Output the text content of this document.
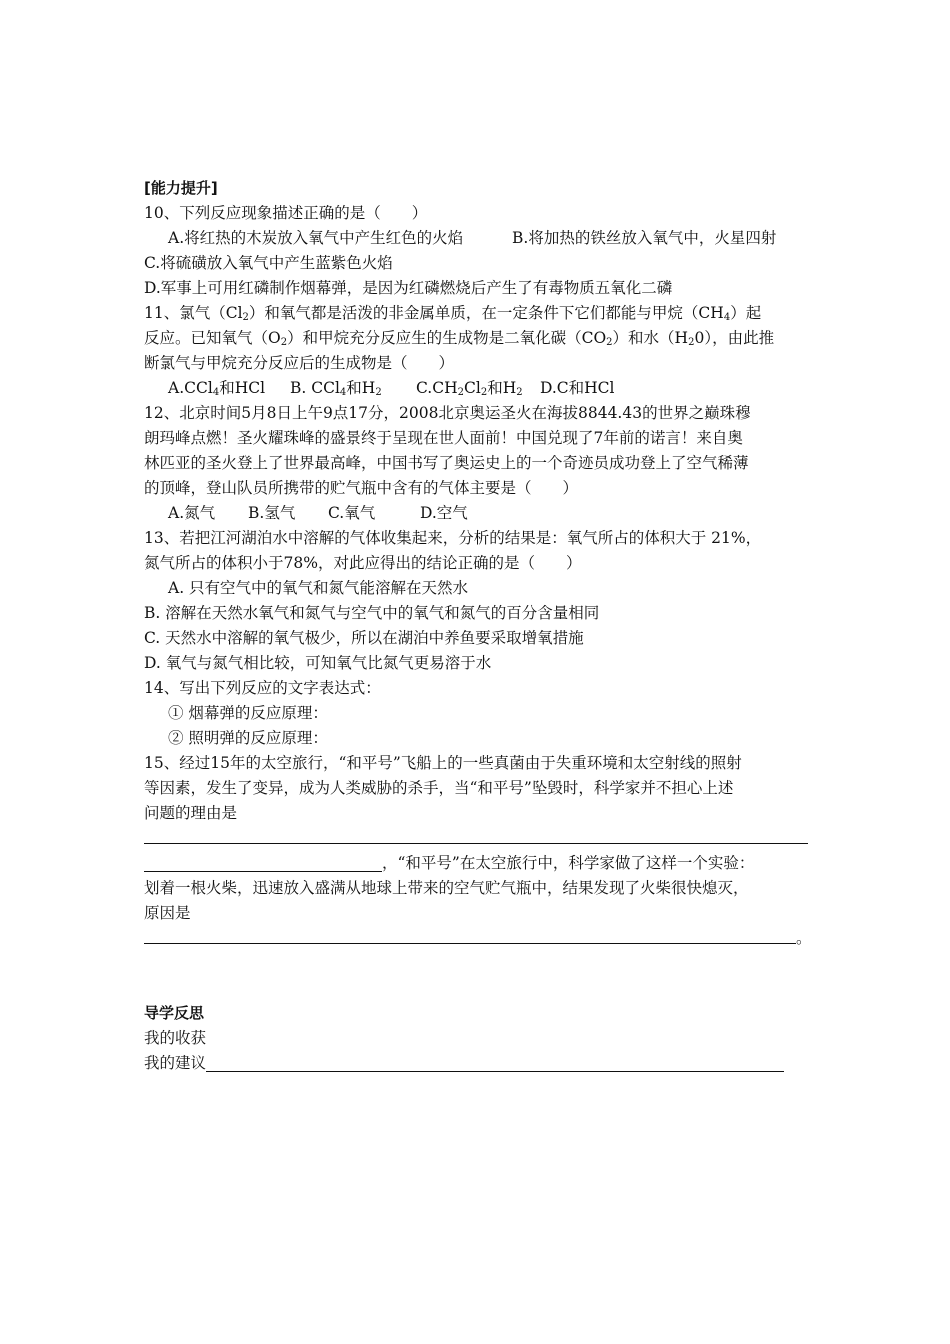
[能力提升]
10、下列反应现象描述正确的是（　　）
A.将红热的木炭放入氧气中产生红色的火焰	B.将加热的铁丝放入氧气中，火星四射
C.将硫磺放入氧气中产生蓝紫色火焰
D.军事上可用红磷制作烟幕弹，是因为红磷燃烧后产生了有毒物质五氧化二磷
11、氯气$(Cl_2)$和氧气都是活泼的非金属单质，在一定条件下它们都能与甲烷$(CH_4)$起
反应。已知氧气$(O_2)$和甲烷充分反应生的生成物是二氧化碳$(CO_2)$和水$(H_20)$，由此推
断氯气与甲烷充分反应后的生成物是（　　）
A.CCl4和HCl B. CCl4和H2 C.CH2Cl2和H2 D.C和HCl
12、北京时间5月8日上午9点17分，2008北京奥运圣火在海拔8844.43的世界之巅珠穆
朗玛峰点燃！圣火耀珠峰的盛景终于呈现在世人面前！中国兑现了7年前的诺言！来自奥
林匹亚的圣火登上了世界最高峰，中国书写了奥运史上的一个奇迹员成功登上了空气稀薄
的顶峰，登山队员所携带的贮气瓶中含有的气体主要是（　　）
A.氮气 B.氢气 C.氧气	D.空气
13、若把江河湖泊水中溶解的气体收集起来，分析的结果是：氧气所占的体积大于 21%，
氮气所占的体积小于78%，对此应得出的结论正确的是（　　）
A. 只有空气中的氧气和氮气能溶解在天然水
B. 溶解在天然水氧气和氮气与空气中的氧气和氮气的百分含量相同
C. 天然水中溶解的氧气极少，所以在湖泊中养鱼要采取增氧措施
D. 氧气与氮气相比较，可知氧气比氮气更易溶于水
14、写出下列反应的文字表达式：
① 烟幕弹的反应原理：
② 照明弹的反应原理：
15、经过15年的太空旅行，“和平号”飞船上的一些真菌由于失重环境和太空射线的照射
等因素，发生了变异，成为人类威胁的杀手，当“和平号”坠毁时，科学家并不担心上述
问题的理由是
，“和平号”在太空旅行中，科学家做了这样一个实验：
划着一根火柴，迅速放入盛满从地球上带来的空气贮气瓶中，结果发现了火柴很快熄灭，
原因是
。
导学反思
我的收获
我的建议
